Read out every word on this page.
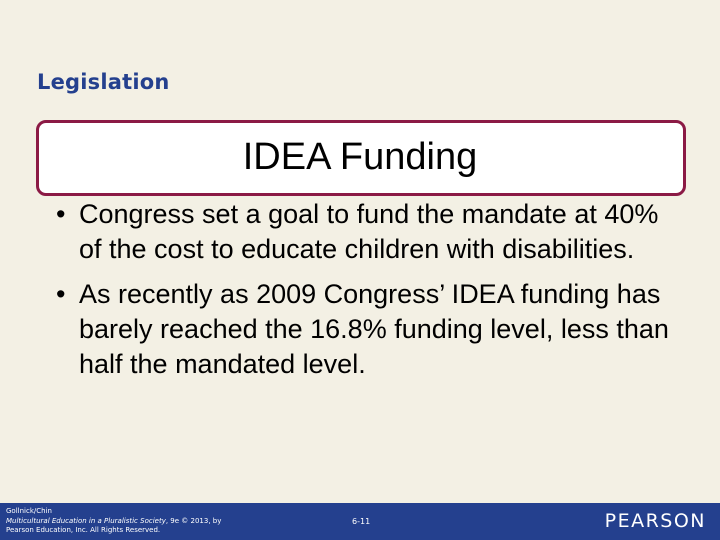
Legislation
IDEA Funding
• Congress set a goal to fund the mandate at 40% of the cost to educate children with disabilities.
• As recently as 2009 Congress’ IDEA funding has barely reached the 16.8% funding level, less than half the mandated level.
Gollnick/Chin
Multicultural Education in a Pluralistic Society, 9e © 2013, by
Pearson Education, Inc. All Rights Reserved.
6-11	PEARSON
